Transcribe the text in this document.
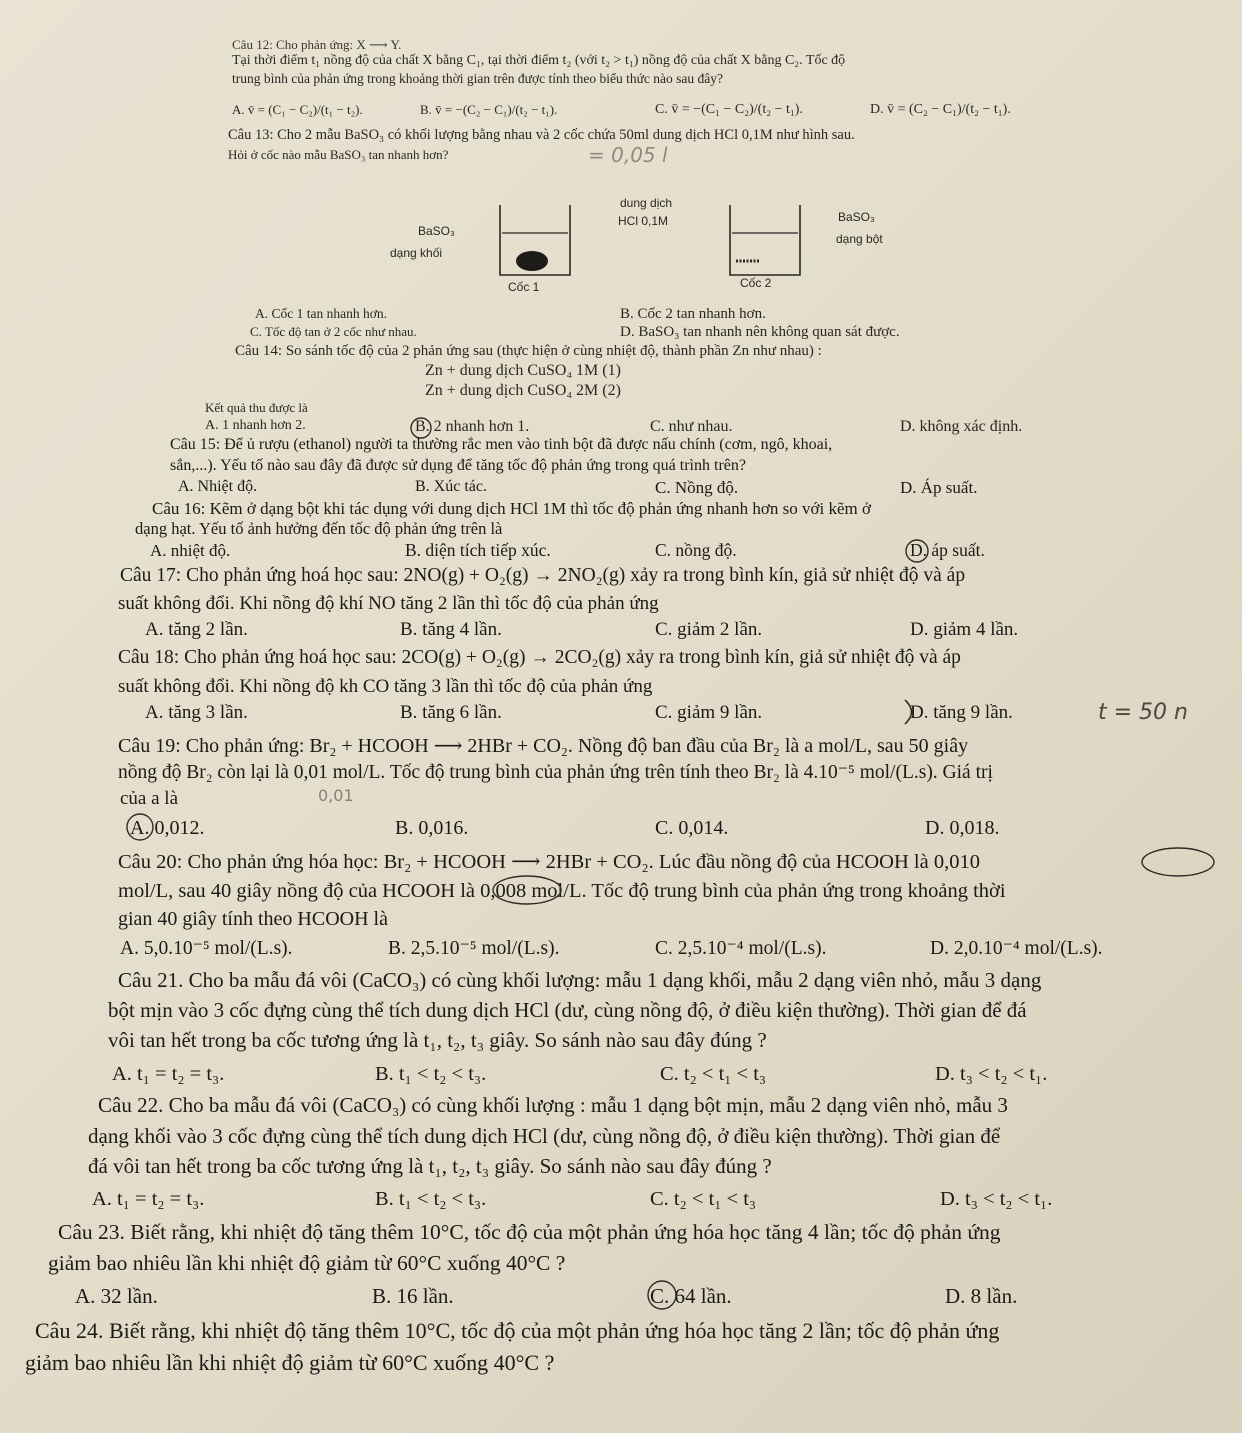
Câu 12: Cho phản ứng: X ⟶ Y.
Tại thời điểm t₁ nồng độ của chất X bằng C₁, tại thời điểm t₂ (với t₂ > t₁) nồng độ của chất X bằng C₂. Tốc độ
trung bình của phản ứng trong khoảng thời gian trên được tính theo biểu thức nào sau đây?
A. v̄ = (C₁ − C₂)/(t₁ − t₂).	B. v̄ = −(C₂ − C₁)/(t₂ − t₁).	C. v̄ = −(C₁ − C₂)/(t₂ − t₁).	D. v̄ = (C₂ − C₁)/(t₂ − t₁).
Câu 13: Cho 2 mẫu BaSO₃ có khối lượng bằng nhau và 2 cốc chứa 50ml dung dịch HCl 0,1M như hình sau.
Hỏi ở cốc nào mẫu BaSO₃ tan nhanh hơn?
BaSO₃
dạng khối
Cốc 1
dung dịch
HCl 0,1M	BaSO₃
dạng bột
Cốc 2
A. Cốc 1 tan nhanh hơn.	B. Cốc 2 tan nhanh hơn.
C. Tốc độ tan ở 2 cốc như nhau.	D. BaSO₃ tan nhanh nên không quan sát được.
Câu 14: So sánh tốc độ của 2 phản ứng sau (thực hiện ở cùng nhiệt độ, thành phần Zn như nhau) :
Zn + dung dịch CuSO₄ 1M (1)
Zn + dung dịch CuSO₄ 2M (2)
Kết quả thu được là
A. 1 nhanh hơn 2.	B. 2 nhanh hơn 1.	C. như nhau.	D. không xác định.
Câu 15: Để ủ rượu (ethanol) người ta thường rắc men vào tinh bột đã được nấu chính (cơm, ngô, khoai,
sắn,...). Yếu tố nào sau đây đã được sử dụng để tăng tốc độ phản ứng trong quá trình trên?
A. Nhiệt độ.	B. Xúc tác.	C. Nồng độ.	D. Áp suất.
Câu 16: Kẽm ở dạng bột khi tác dụng với dung dịch HCl 1M thì tốc độ phản ứng nhanh hơn so với kẽm ở
dạng hạt. Yếu tố ảnh hưởng đến tốc độ phản ứng trên là
A. nhiệt độ.	B. diện tích tiếp xúc.	C. nồng độ.	D. áp suất.
Câu 17: Cho phản ứng hoá học sau: 2NO(g) + O₂(g) → 2NO₂(g) xảy ra trong bình kín, giả sử nhiệt độ và áp
suất không đổi. Khi nồng độ khí NO tăng 2 lần thì tốc độ của phản ứng
A. tăng 2 lần.	B. tăng 4 lần.	C. giảm 2 lần.	D. giảm 4 lần.
Câu 18: Cho phản ứng hoá học sau: 2CO(g) + O₂(g) → 2CO₂(g) xảy ra trong bình kín, giả sử nhiệt độ và áp
suất không đổi. Khi nồng độ kh CO tăng 3 lần thì tốc độ của phản ứng
A. tăng 3 lần.	B. tăng 6 lần.	C. giảm 9 lần.	D. tăng 9 lần.	t = 50 n
Câu 19: Cho phản ứng: Br₂ + HCOOH ⟶ 2HBr + CO₂. Nồng độ ban đầu của Br₂ là a mol/L, sau 50 giây
nồng độ Br₂ còn lại là 0,01 mol/L. Tốc độ trung bình của phản ứng trên tính theo Br₂ là 4.10⁻⁵ mol/(L.s). Giá trị
của a là	0,01
A. 0,012.	B. 0,016.	C. 0,014.	D. 0,018.
Câu 20: Cho phản ứng hóa học: Br₂ + HCOOH ⟶ 2HBr + CO₂. Lúc đầu nồng độ của HCOOH là 0,010
mol/L, sau 40 giây nồng độ của HCOOH là 0,008 mol/L. Tốc độ trung bình của phản ứng trong khoảng thời
gian 40 giây tính theo HCOOH là
A. 5,0.10⁻⁵ mol/(L.s).	B. 2,5.10⁻⁵ mol/(L.s).	C. 2,5.10⁻⁴ mol/(L.s).	D. 2,0.10⁻⁴ mol/(L.s).
Câu 21. Cho ba mẫu đá vôi (CaCO₃) có cùng khối lượng: mẫu 1 dạng khối, mẫu 2 dạng viên nhỏ, mẫu 3 dạng
bột mịn vào 3 cốc đựng cùng thể tích dung dịch HCl (dư, cùng nồng độ, ở điều kiện thường). Thời gian để đá
vôi tan hết trong ba cốc tương ứng là t₁, t₂, t₃ giây. So sánh nào sau đây đúng ?
A. t₁ = t₂ = t₃.	B. t₁ < t₂ < t₃.	C. t₂ < t₁ < t₃	D. t₃ < t₂ < t₁.
Câu 22. Cho ba mẫu đá vôi (CaCO₃) có cùng khối lượng : mẫu 1 dạng bột mịn, mẫu 2 dạng viên nhỏ, mẫu 3
dạng khối vào 3 cốc đựng cùng thể tích dung dịch HCl (dư, cùng nồng độ, ở điều kiện thường). Thời gian để
đá vôi tan hết trong ba cốc tương ứng là t₁, t₂, t₃ giây. So sánh nào sau đây đúng ?
A. t₁ = t₂ = t₃.	B. t₁ < t₂ < t₃.	C. t₂ < t₁ < t₃	D. t₃ < t₂ < t₁.
Câu 23. Biết rằng, khi nhiệt độ tăng thêm 10°C, tốc độ của một phản ứng hóa học tăng 4 lần; tốc độ phản ứng
giảm bao nhiêu lần khi nhiệt độ giảm từ 60°C xuống 40°C ?
A. 32 lần.	B. 16 lần.	C. 64 lần.	D. 8 lần.
Câu 24. Biết rằng, khi nhiệt độ tăng thêm 10°C, tốc độ của một phản ứng hóa học tăng 2 lần; tốc độ phản ứng
giảm bao nhiêu lần khi nhiệt độ giảm từ 60°C xuống 40°C ?
= 0,05 l
